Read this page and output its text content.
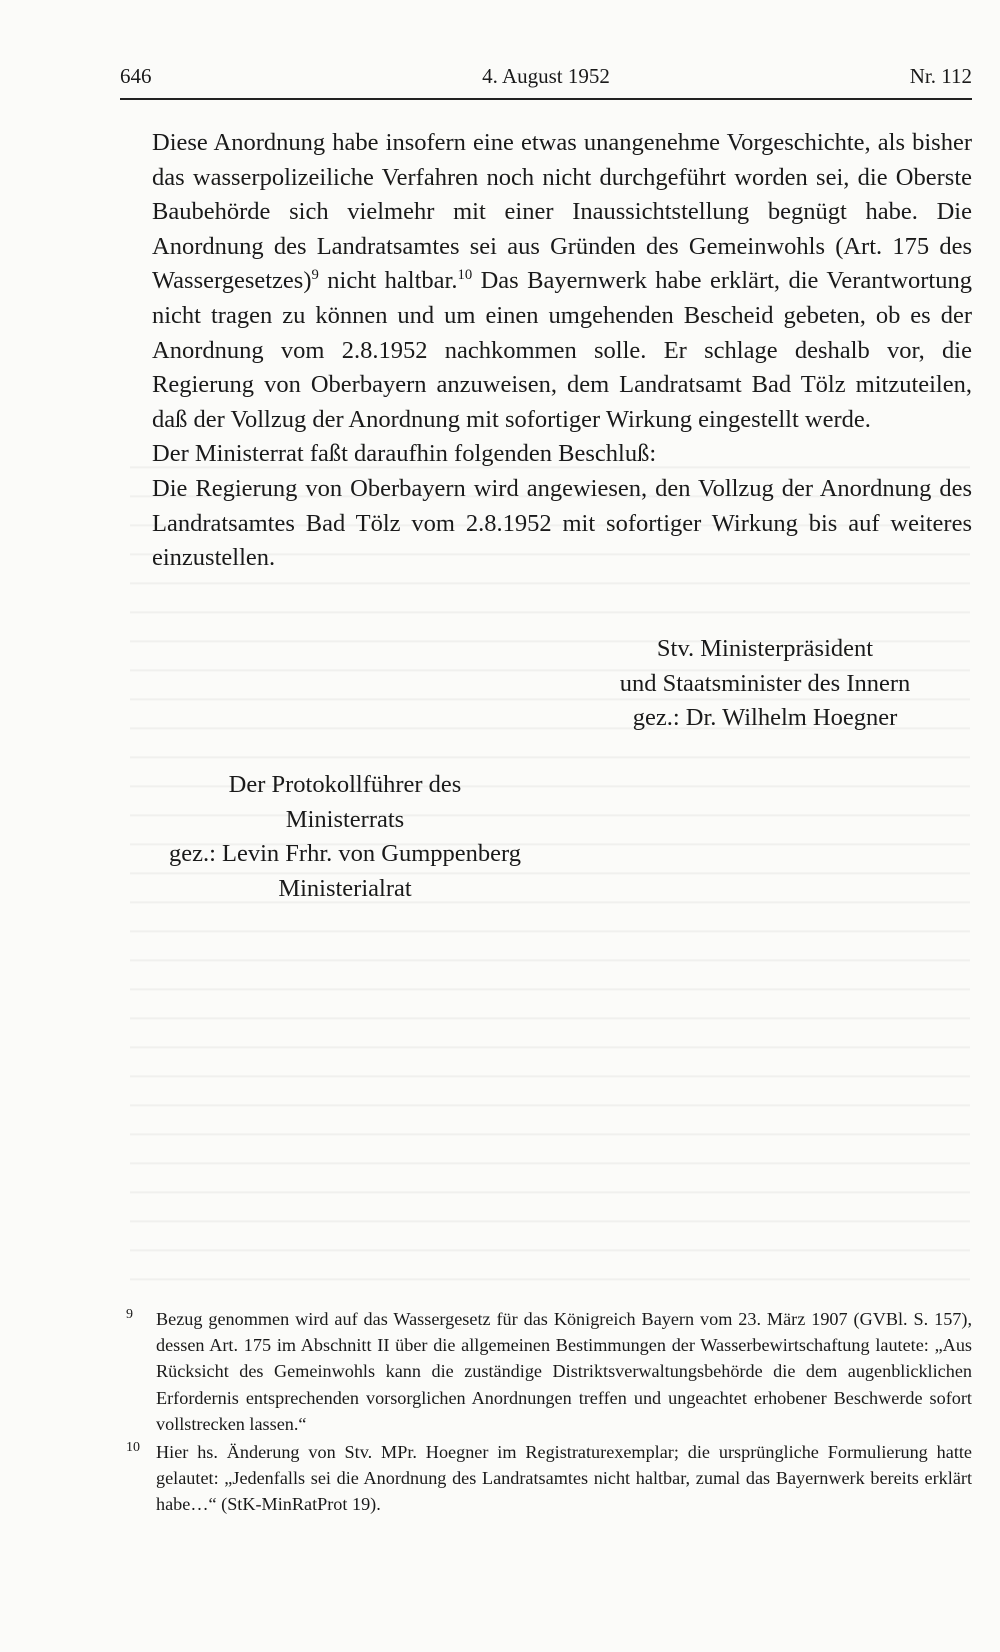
646	4. August 1952	Nr. 112

Diese Anordnung habe insofern eine etwas unangenehme Vorgeschichte, als bisher das wasserpolizeiliche Verfahren noch nicht durchgeführt worden sei, die Oberste Baubehörde sich vielmehr mit einer Inaussichtstellung begnügt habe. Die Anordnung des Landratsamtes sei aus Gründen des Gemeinwohls (Art. 175 des Wassergesetzes)$^9$ nicht haltbar.$^{10}$ Das Bayernwerk habe erklärt, die Verantwortung nicht tragen zu können und um einen umgehenden Bescheid gebeten, ob es der Anordnung vom 2.8.1952 nachkommen solle. Er schlage deshalb vor, die Regierung von Oberbayern anzuweisen, dem Landratsamt Bad Tölz mitzuteilen, daß der Vollzug der Anordnung mit sofortiger Wirkung eingestellt werde.

Der Ministerrat faßt daraufhin folgenden Beschluß:

Die Regierung von Oberbayern wird angewiesen, den Vollzug der Anordnung des Landratsamtes Bad Tölz vom 2.8.1952 mit sofortiger Wirkung bis auf weiteres einzustellen.

Stv. Ministerpräsident
und Staatsminister des Innern
gez.: Dr. Wilhelm Hoegner
Der Protokollführer des
Ministerrats
gez.: Levin Frhr. von Gumppenberg
Ministerialrat
9 Bezug genommen wird auf das Wassergesetz für das Königreich Bayern vom 23. März 1907 (GVBl. S. 157), dessen Art. 175 im Abschnitt II über die allgemeinen Bestimmungen der Wasserbewirtschaftung lautete: „Aus Rücksicht des Gemeinwohls kann die zuständige Distriktsverwaltungsbehörde die dem augenblicklichen Erfordernis entsprechenden vorsorglichen Anordnungen treffen und ungeachtet erhobener Beschwerde sofort vollstrecken lassen.“
10 Hier hs. Änderung von Stv. MPr. Hoegner im Registraturexemplar; die ursprüngliche Formulierung hatte gelautet: „Jedenfalls sei die Anordnung des Landratsamtes nicht haltbar, zumal das Bayernwerk bereits erklärt habe…“ (StK-MinRatProt 19).
